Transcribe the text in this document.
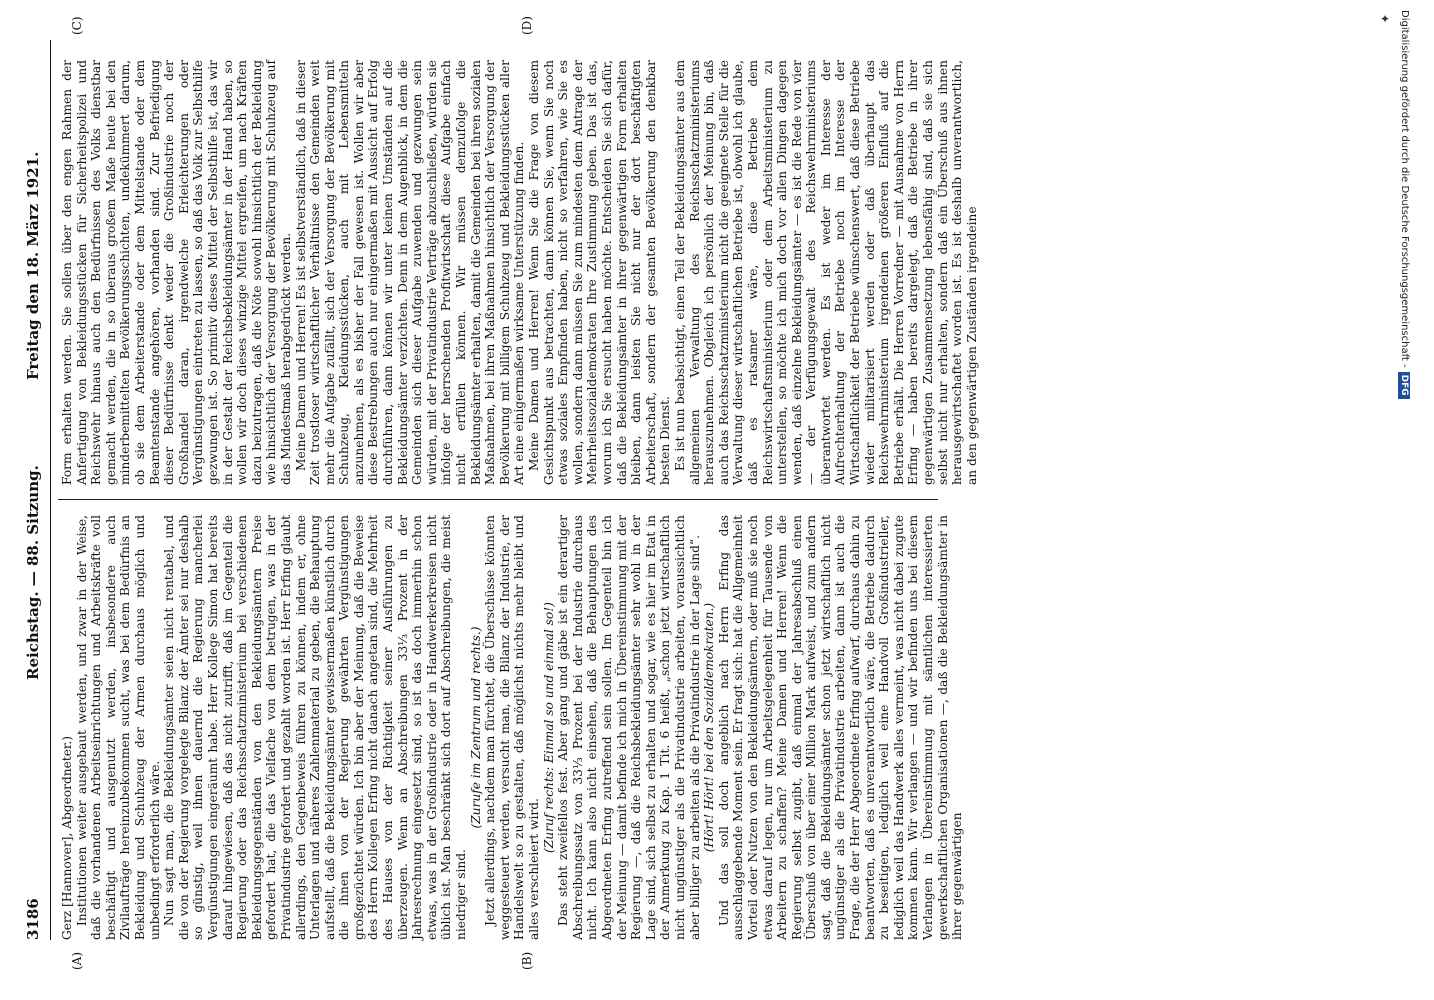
3186
Reichstag. — 88. Sitzung.
Freitag den 18. März 1921.
(A)	(B)
(C)	(D)

Gerz [Hannover], Abgeordneter.) Institutionen weiter ausgebaut werden, und zwar in der Weise, daß die vorhandenen Arbeitseinrichtungen und Arbeitskräfte voll beschäftigt und ausgenutzt werden, insbesondere auch Zivilaufträge hereinzubekommen sucht, was bei dem Bedürfnis an Bekleidung und Schuhzeug der Armen durchaus möglich und unbedingt erforderlich wäre. Nun sagt man, die Bekleidungsämter seien nicht rentabel, und die von der Regierung vorgelegte Bilanz der Ämter sei nur deshalb so günstig, weil ihnen dauernd die Regierung mancherlei Vergünstigungen eingeräumt habe. Herr Kollege Simon hat bereits darauf hingewiesen, daß das nicht zutrifft, daß im Gegenteil die Regierung oder das Reichsschatzministerium bei verschiedenen Bekleidungsgegenständen von den Bekleidungsämtern Preise gefordert hat, die das Vielfache von dem betrugen, was in der Privatindustrie gefordert und gezahlt worden ist. Herr Erfing glaubt allerdings, den Gegenbeweis führen zu können, indem er, ohne Unterlagen und näheres Zahlenmaterial zu geben, die Behauptung aufstellt, daß die Bekleidungsämter gewissermaßen künstlich durch die ihnen von der Regierung gewährten Vergünstigungen großgezüchtet würden. Ich bin aber der Meinung, daß die Beweise des Herrn Kollegen Erfing nicht danach angetan sind, die Mehrheit des Hauses von der Richtigkeit seiner Ausführungen zu überzeugen. Wenn an Abschreibungen 33⅓ Prozent in der Jahresrechnung eingesetzt sind, so ist das doch immerhin schon etwas, was in der Großindustrie oder in Handwerkerkreisen nicht üblich ist. Man beschränkt sich dort auf Abschreibungen, die meist niedriger sind.

(Zurufe im Zentrum und rechts.) Jetzt allerdings, nachdem man fürchtet, die Überschüsse könnten weggesteuert werden, versucht man, die Bilanz der Industrie, der Handelswelt so zu gestalten, daß möglichst nichts mehr bleibt und alles verschleiert wird.

(Zuruf rechts: Einmal so und einmal so!) Das steht zweifellos fest. Aber gang und gäbe ist ein derartiger Abschreibungssatz von 33⅓ Prozent bei der Industrie durchaus nicht. Ich kann also nicht einsehen, daß die Behauptungen des Abgeordneten Erfing zutreffend sein sollen. Im Gegenteil bin ich der Meinung — damit befinde ich mich in Übereinstimmung mit der Regierung —, daß die Reichsbekleidungsämter sehr wohl in der Lage sind, sich selbst zu erhalten und sogar, wie es hier im Etat in der Anmerkung zu Kap. 1 Tit. 6 heißt, „schon jetzt wirtschaftlich nicht ungünstiger als die Privatindustrie arbeiten, voraussichtlich aber billiger zu arbeiten als die Privatindustrie in der Lage sind“. (Hört! Hört! bei den Sozialdemokraten.) Und das soll doch angeblich nach Herrn Erfing das ausschlaggebende Moment sein. Er fragt sich: hat die Allgemeinheit Vorteil oder Nutzen von den Bekleidungsämtern, oder muß sie noch etwas darauf legen, nur um Arbeitsgelegenheit für Tausende von Arbeitern zu schaffen? Meine Damen und Herren! Wenn die Regierung selbst zugibt, daß einmal der Jahresabschluß einen Überschuß von über einer Million Mark aufweist, und zum andern sagt, daß die Bekleidungsämter schon jetzt wirtschaftlich nicht ungünstiger als die Privatindustrie arbeiten, dann ist auch die Frage, die der Herr Abgeordnete Erfing aufwarf, durchaus dahin zu beantworten, daß es unverantwortlich wäre, die Betriebe dadurch zu beseitigen, lediglich weil eine Handvoll Großindustrieller, lediglich weil das Handwerk alles vermeint, was nicht dabei zugute kommen kann. Wir verlangen — und wir befinden uns bei diesem Verlangen in Übereinstimmung mit sämtlichen interessierten gewerkschaftlichen Organisationen —, daß die Bekleidungsämter in ihrer gegenwärtigen

Form erhalten werden. Sie sollen über den engen Rahmen der Anfertigung von Bekleidungsstücken für Sicherheitspolizei und Reichswehr hinaus auch den Bedürfnissen des Volks dienstbar gemacht werden, die in so überaus großem Maße heute bei den minderbemittelten Bevölkerungsschichten, undekümmert darum, ob sie dem Arbeiterstande oder dem Mittelstande oder dem Beamtenstande angehören, vorhanden sind. Zur Befriedigung dieser Bedürfnisse denkt weder die Großindustrie noch der Großhandel daran, irgendwelche Erleichterungen oder Vergünstigungen eintreten zu lassen, so daß das Volk zur Selbsthilfe gezwungen ist. So primitiv dieses Mittel der Selbsthilfe ist, das wir in der Gestalt der Reichsbekleidungsämter in der Hand haben, so wollen wir doch dieses winzige Mittel ergreifen, um nach Kräften dazu beizutragen, daß die Nöte sowohl hinsichtlich der Bekleidung wie hinsichtlich der Versorgung der Bevölkerung mit Schuhzeug auf das Mindestmaß herabgedrückt werden. Meine Damen und Herren! Es ist selbstverständlich, daß in dieser Zeit trostloser wirtschaftlicher Verhältnisse den Gemeinden weit mehr die Aufgabe zufällt, sich der Versorgung der Bevölkerung mit Schuhzeug, Kleidungsstücken, auch mit Lebensmitteln anzunehmen, als es bisher der Fall gewesen ist. Wollen wir aber diese Bestrebungen auch nur einigermaßen mit Aussicht auf Erfolg durchführen, dann können wir unter keinen Umständen auf die Bekleidungsämter verzichten. Denn in dem Augenblick, in dem die Gemeinden sich dieser Aufgabe zuwenden und gezwungen sein würden, mit der Privatindustrie Verträge abzuschließen, würden sie infolge der herrschenden Profitwirtschaft diese Aufgabe einfach nicht erfüllen können. Wir müssen demzufolge die Bekleidungsämter erhalten, damit die Gemeinden bei ihren sozialen Maßnahmen, bei ihren Maßnahmen hinsichtlich der Versorgung der Bevölkerung mit billigem Schuhzeug und Bekleidungsstücken aller Art eine einigermaßen wirksame Unterstützung finden. Meine Damen und Herren! Wenn Sie die Frage von diesem Gesichtspunkt aus betrachten, dann können Sie, wenn Sie noch etwas soziales Empfinden haben, nicht so verfahren, wie Sie es wollen, sondern dann müssen Sie zum mindesten dem Antrage der Mehrheitssozialdemokraten Ihre Zustimmung geben. Das ist das, worum ich Sie ersucht haben möchte. Entscheiden Sie sich dafür, daß die Bekleidungsämter in ihrer gegenwärtigen Form erhalten bleiben, dann leisten Sie nicht nur der dort beschäftigten Arbeiterschaft, sondern der gesamten Bevölkerung den denkbar besten Dienst. Es ist nun beabsichtigt, einen Teil der Bekleidungsämter aus dem allgemeinen Verwaltung des Reichsschatzministeriums herauszunehmen. Obgleich ich persönlich der Meinung bin, daß auch das Reichsschatzministerium nicht die geeignete Stelle für die Verwaltung dieser wirtschaftlichen Betriebe ist, obwohl ich glaube, daß es ratsamer wäre, diese Betriebe dem Reichswirtschaftsministerium oder dem Arbeitsministerium zu unterstellen, so möchte ich mich doch vor allen Dingen dagegen wenden, daß einzelne Bekleidungsämter — es ist die Rede von vier — der Verfügungsgewalt des Reichswehrministeriums überantwortet werden. Es ist weder im Interesse der Aufrechterhaltung der Betriebe noch im Interesse der Wirtschaftlichkeit der Betriebe wünschenswert, daß diese Betriebe wieder militarisiert werden oder daß überhaupt das Reichswehrministerium irgendeinen größeren Einfluß auf die Betriebe erhält. Die Herren Vorredner — mit Ausnahme von Herrn Erfing — haben bereits dargelegt, daß die Betriebe in ihrer gegenwärtigen Zusammensetzung lebensfähig sind, daß sie sich selbst nicht nur erhalten, sondern daß ein Überschuß aus ihnen herausgewirtschaftet worden ist. Es ist deshalb unverantwortlich, an den gegenwärtigen Zuständen irgendeine

✦ Digitalisierung gefördert durch die Deutsche Forschungsgemeinschaft -DFG
